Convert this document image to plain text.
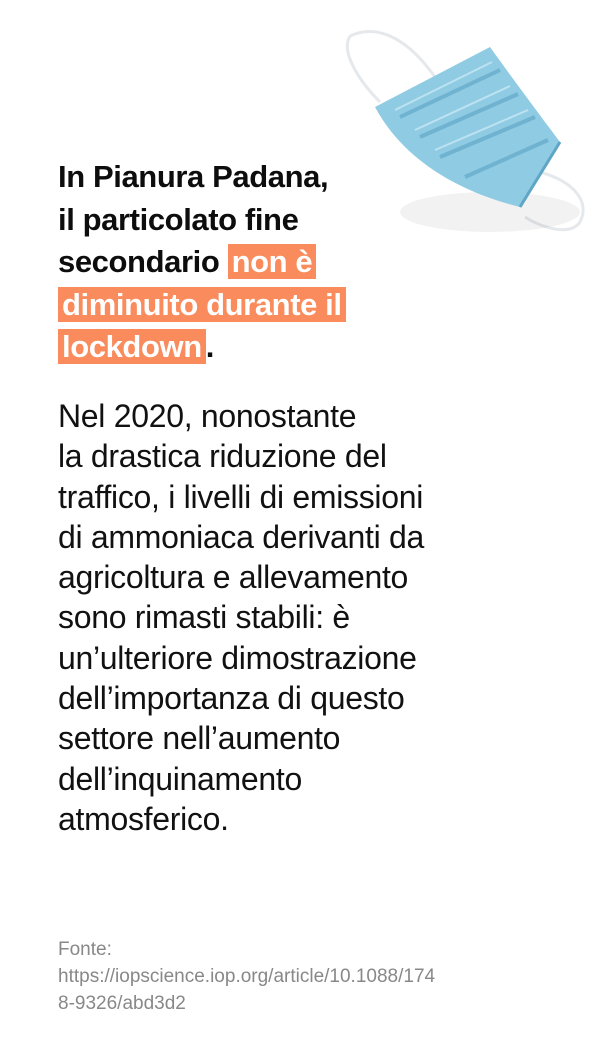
In Pianura Padana,
il particolato fine
secondario non è diminuito durante il lockdown .

Nel 2020, nonostante
la drastica riduzione del
traffico, i livelli di emissioni
di ammoniaca derivanti da
agricoltura e allevamento
sono rimasti stabili: è
un’ulteriore dimostrazione
dell’importanza di questo
settore nell’aumento
dell’inquinamento
atmosferico.

Fonte:
https://iopscience.iop.org/article/10.1088/174
8-9326/abd3d2
